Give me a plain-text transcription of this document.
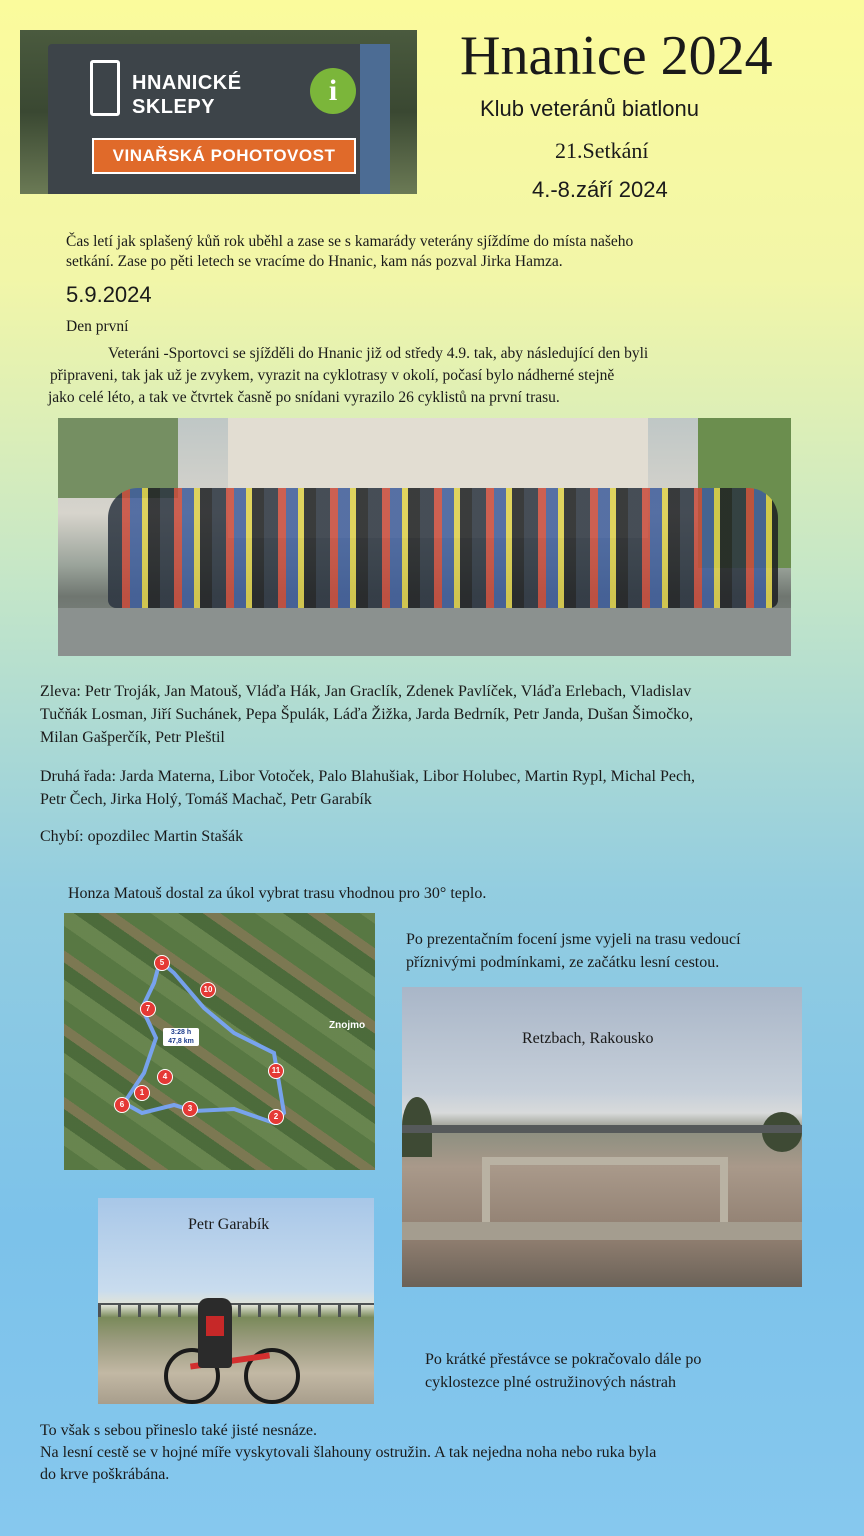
HNANICKÉ
SKLEPY	i
VINAŘSKÁ POHOTOVOST
Hnanice 2024
Klub veteránů biatlonu
21.Setkání
4.-8.září 2024
Čas letí jak splašený kůň rok uběhl a zase se s kamarády veterány sjíždíme do místa našeho
setkání. Zase po pěti letech se vracíme do Hnanic, kam nás pozval Jirka Hamza.
5.9.2024
Den první
Veteráni -Sportovci se sjížděli do Hnanic již od středy 4.9. tak, aby následující den byli
připraveni, tak jak už je zvykem, vyrazit na cyklotrasy v okolí, počasí bylo nádherné stejně
jako celé léto, a tak ve čtvrtek časně po snídani vyrazilo 26 cyklistů na první trasu.
Zleva: Petr Troják, Jan Matouš, Vláďa Hák, Jan Graclík, Zdenek Pavlíček, Vláďa Erlebach, Vladislav
Tučňák Losman, Jiří Suchánek, Pepa Špulák, Láďa Žižka, Jarda Bedrník, Petr Janda, Dušan Šimočko,
Milan Gašperčík, Petr Pleštil
Druhá řada: Jarda Materna, Libor Votoček, Palo Blahušiak, Libor Holubec, Martin Rypl, Michal Pech,
Petr Čech, Jirka Holý, Tomáš Machač, Petr Garabík
Chybí: opozdilec Martin Stašák
Honza Matouš dostal za úkol vybrat trasu vhodnou pro 30° teplo.
5
10
7
4
1
6	3
2
11
3:28 h
47,8 km
Znojmo
Po prezentačním focení jsme vyjeli na trasu vedoucí
příznivými podmínkami, ze začátku lesní cestou.
Retzbach, Rakousko
Petr Garabík
Po krátké přestávce se pokračovalo dále po
cyklostezce plné ostružinových nástrah
To však s sebou přineslo také jisté nesnáze.
Na lesní cestě se v hojné míře vyskytovali šlahouny ostružin. A tak nejedna noha nebo ruka byla
do krve poškrábána.
